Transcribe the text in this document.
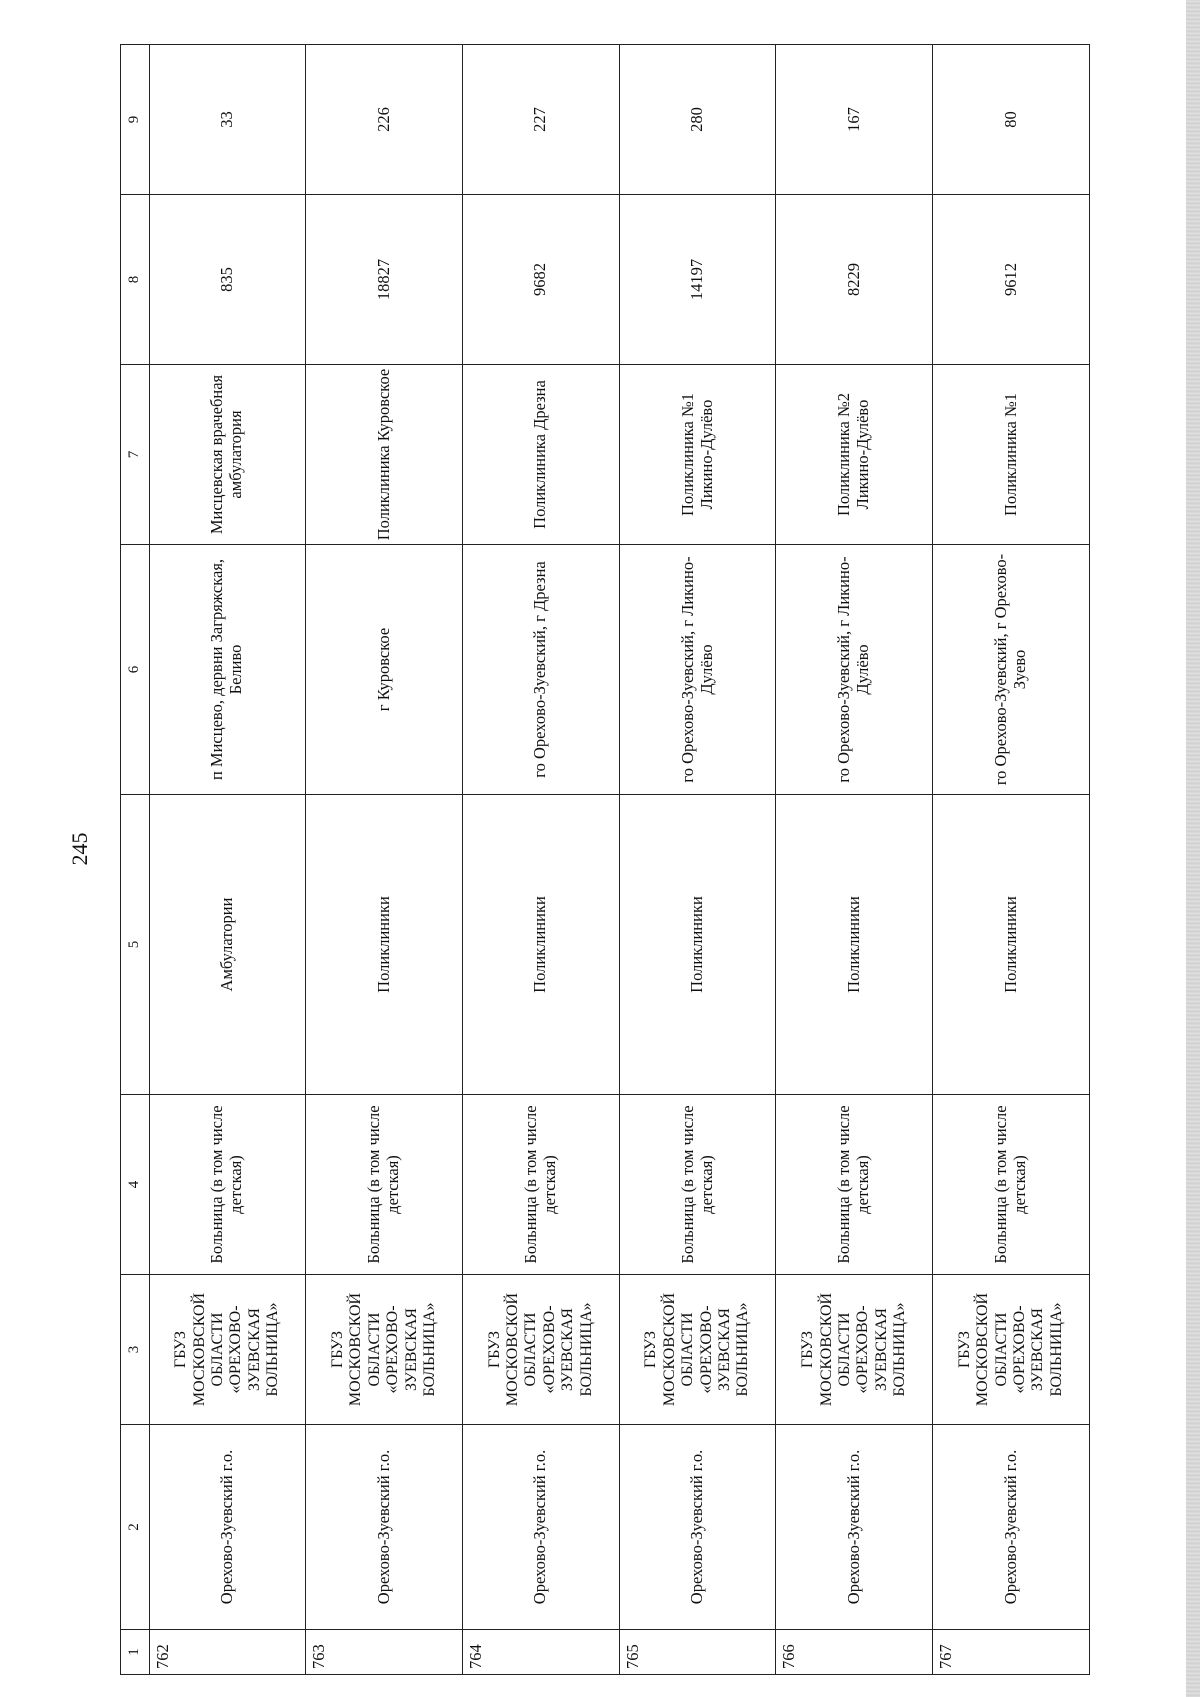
245
1	2	3	4	5	6	7	8	9
762	Орехово-Зуевский г.о.	ГБУЗ МОСКОВСКОЙ ОБЛАСТИ «ОРЕХОВО-ЗУЕВСКАЯ БОЛЬНИЦА»	Больница (в том числе детская)	Амбулатории	п Мисцево, дервни Загряжская, Беливо	Мисцевская врачебная амбулатория	835	33
763	Орехово-Зуевский г.о.	ГБУЗ МОСКОВСКОЙ ОБЛАСТИ «ОРЕХОВО-ЗУЕВСКАЯ БОЛЬНИЦА»	Больница (в том числе детская)	Поликлиники	г Куровское	Поликлиника Куровское	18827	226
764	Орехово-Зуевский г.о.	ГБУЗ МОСКОВСКОЙ ОБЛАСТИ «ОРЕХОВО-ЗУЕВСКАЯ БОЛЬНИЦА»	Больница (в том числе детская)	Поликлиники	го Орехово-Зуевский, г Дрезна	Поликлиника Дрезна	9682	227
765	Орехово-Зуевский г.о.	ГБУЗ МОСКОВСКОЙ ОБЛАСТИ «ОРЕХОВО-ЗУЕВСКАЯ БОЛЬНИЦА»	Больница (в том числе детская)	Поликлиники	го Орехово-Зуевский, г Ликино-Дулёво	Поликлиника №1 Ликино-Дулёво	14197	280
766	Орехово-Зуевский г.о.	ГБУЗ МОСКОВСКОЙ ОБЛАСТИ «ОРЕХОВО-ЗУЕВСКАЯ БОЛЬНИЦА»	Больница (в том числе детская)	Поликлиники	го Орехово-Зуевский, г Ликино-Дулёво	Поликлиника №2 Ликино-Дулёво	8229	167
767	Орехово-Зуевский г.о.	ГБУЗ МОСКОВСКОЙ ОБЛАСТИ «ОРЕХОВО-ЗУЕВСКАЯ БОЛЬНИЦА»	Больница (в том числе детская)	Поликлиники	го Орехово-Зуевский, г Орехово-Зуево	Поликлиника №1	9612	80
